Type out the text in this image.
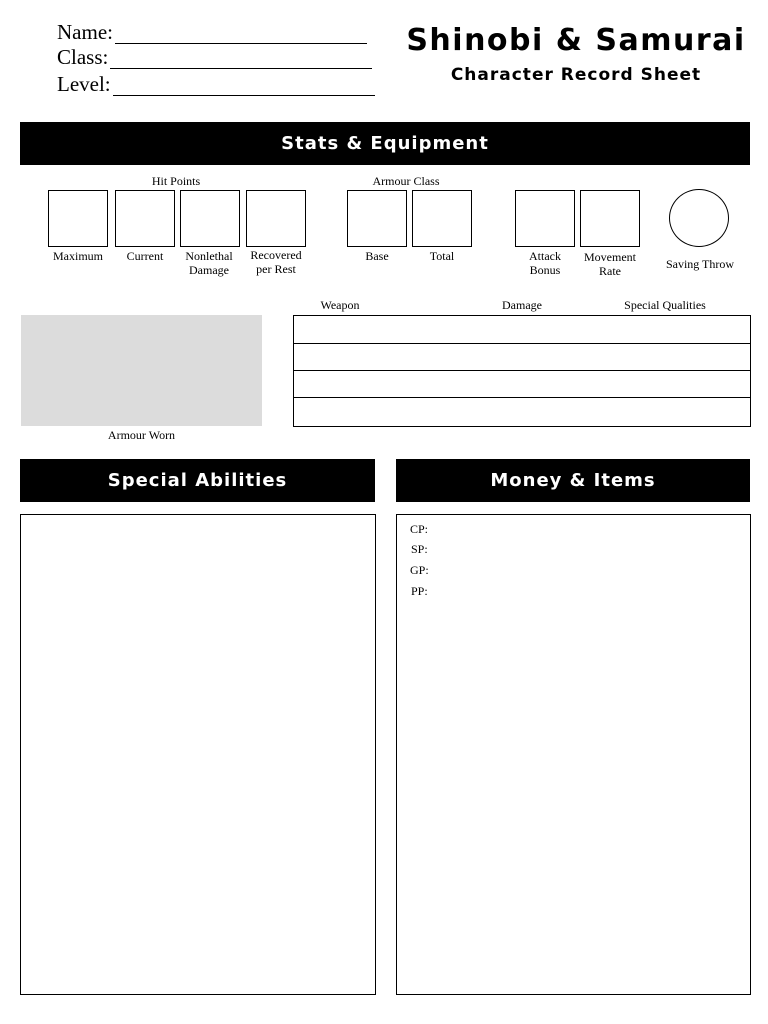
Name:
Class:
Level:
Shinobi & Samurai
Character Record Sheet
Stats & Equipment
Hit Points
Maximum	Current	Nonlethal Damage
Recovered per Rest
Armour Class
Base	Total	Attack Bonus
Movement Rate	Saving Throw
Weapon	Damage	Special Qualities
Armour Worn
Special Abilities	Money & Items
CP:
SP:
GP:
PP:
